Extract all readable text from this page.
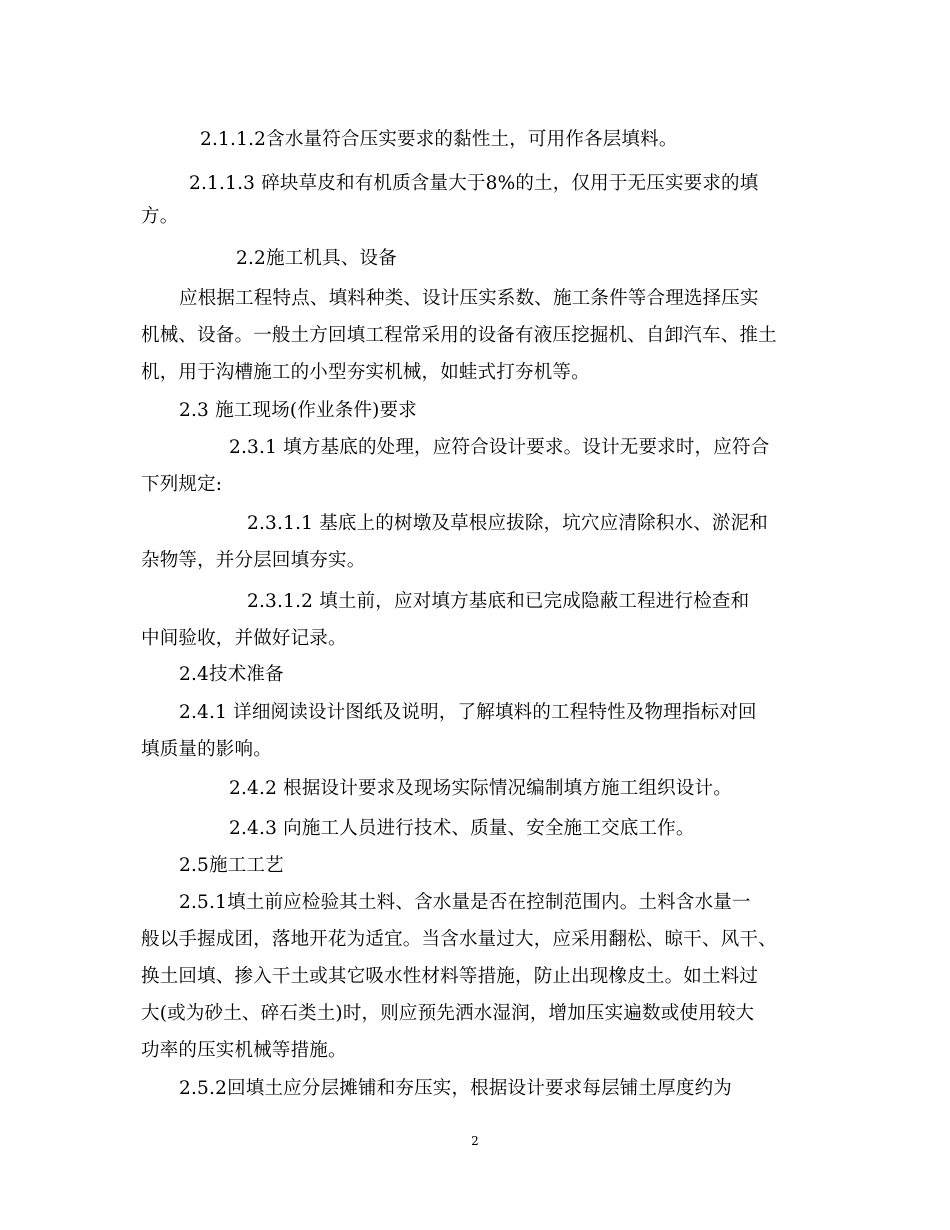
2.1.1.2含水量符合压实要求的黏性土，可用作各层填料。
2.1.1.3 碎块草皮和有机质含量大于8%的土，仅用于无压实要求的填
方。
2.2施工机具、设备
应根据工程特点、填料种类、设计压实系数、施工条件等合理选择压实
机械、设备。一般土方回填工程常采用的设备有液压挖掘机、自卸汽车、推土
机，用于沟槽施工的小型夯实机械，如蛙式打夯机等。
2.3 施工现场(作业条件)要求
2.3.1 填方基底的处理，应符合设计要求。设计无要求时，应符合
下列规定:
2.3.1.1 基底上的树墩及草根应拔除，坑穴应清除积水、淤泥和
杂物等，并分层回填夯实。
2.3.1.2 填土前，应对填方基底和已完成隐蔽工程进行检查和
中间验收，并做好记录。
2.4技术准备
2.4.1 详细阅读设计图纸及说明，了解填料的工程特性及物理指标对回
填质量的影响。
2.4.2 根据设计要求及现场实际情况编制填方施工组织设计。
2.4.3 向施工人员进行技术、质量、安全施工交底工作。
2.5施工工艺
2.5.1填土前应检验其土料、含水量是否在控制范围内。土料含水量一
般以手握成团，落地开花为适宜。当含水量过大，应采用翻松、晾干、风干、
换土回填、掺入干土或其它吸水性材料等措施，防止出现橡皮土。如土料过
大(或为砂土、碎石类土)时，则应预先洒水湿润，增加压实遍数或使用较大
功率的压实机械等措施。
2.5.2回填土应分层摊铺和夯压实，根据设计要求每层铺土厚度约为
2
